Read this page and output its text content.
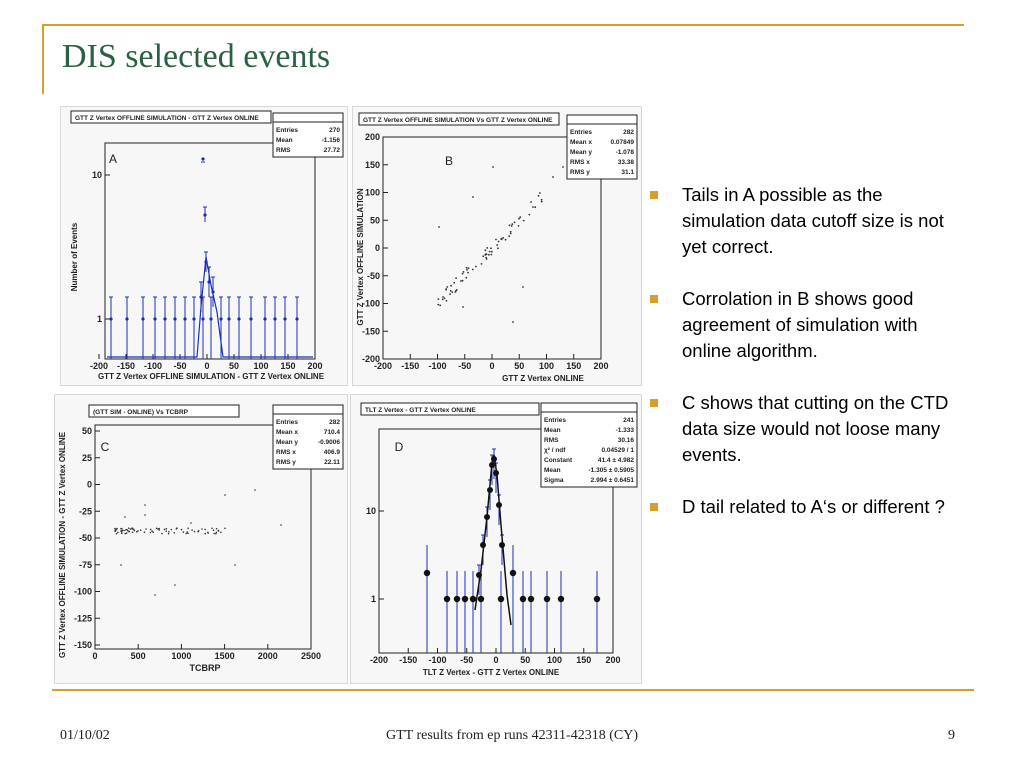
DIS selected events
GTT Z Vertex OFFLINE SIMULATION - GTT Z Vertex ONLINE
Entries	270
Mean	-1.156
RMS	27.72
A
-200 -150 -100 -50 0 50 100 150 200
10
1
Number of Events
GTT Z Vertex OFFLINE SIMULATION - GTT Z Vertex ONLINE
GTT Z Vertex OFFLINE SIMULATION Vs GTT Z Vertex ONLINE
Entries	282
Mean x	0.07849
Mean y	-1.078
RMS x	33.38
RMS y	31.1
B
-200 -150 -100 -50 0 50 100 150 200
200
150
100
50
0
-50
-100
-150
-200
GTT Z Vertex OFFLINE SIMULATION
GTT Z Vertex ONLINE
(GTT SIM - ONLINE) Vs TCBRP
Entries	282
Mean x	710.4
Mean y	-0.9006
RMS x	406.9
RMS y	22.11
C
0	500	1000	1500	2000	2500
50
25
0
-25
-50
-75
-100
-125
-150
GTT Z Vertex OFFLINE SIMULATION - GTT Z Vertex ONLINE
TCBRP
TLT Z Vertex - GTT Z Vertex ONLINE
Entries	241
Mean	-1.333
RMS	30.16
χ² / ndf	0.04529 / 1
Constant	41.4 ± 4.982
Mean	-1.305 ± 0.5905
Sigma	2.994 ± 0.6451
D
-200 -150 -100 -50 0 50 100 150 200
10
1
TLT Z Vertex - GTT Z Vertex ONLINE
Tails in A possible as the simulation data cutoff size is not yet correct.
Corrolation in B shows good agreement of simulation with online algorithm.
C shows that cutting on the CTD data size would not loose many events.
D tail related to A‘s or different ?
01/10/02	GTT results from ep runs 42311-42318 (CY)	9
